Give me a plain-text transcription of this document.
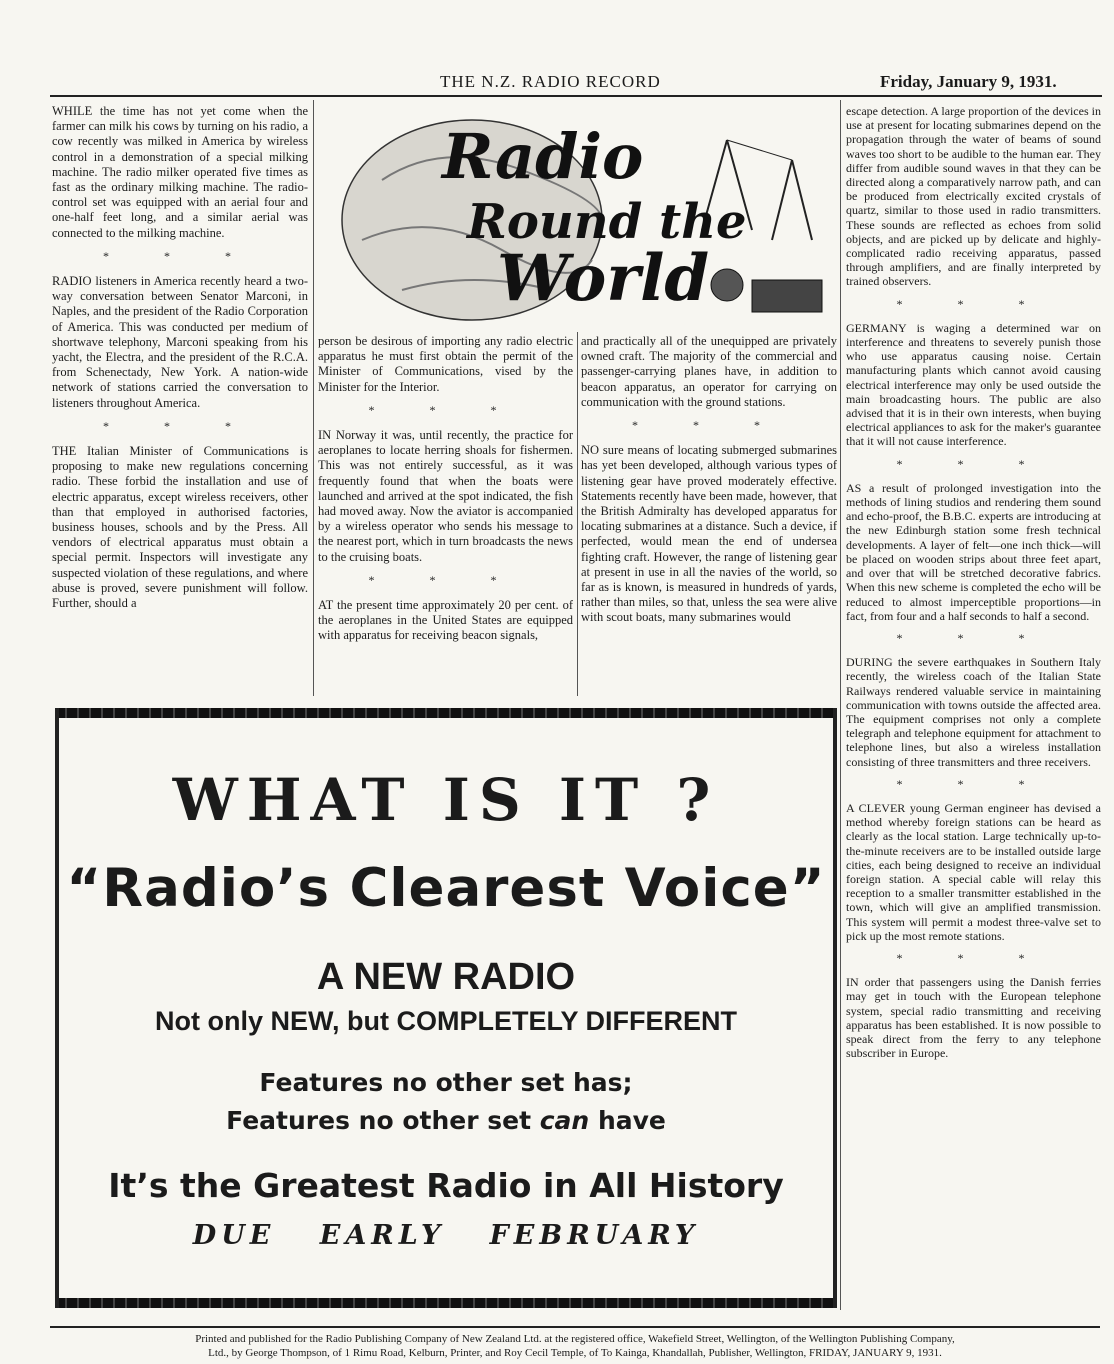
THE N.Z. RADIO RECORD	Friday, January 9, 1931.

WHILE the time has not yet come when the farmer can milk his cows by turning on his radio, a cow recently was milked in America by wireless control in a demonstration of a special milking machine. The radio milker operated five times as fast as the ordinary milking machine. The radio-control set was equipped with an aerial four and one-half feet long, and a similar aerial was connected to the milking machine.

* * *

RADIO listeners in America recently heard a two-way conversation between Senator Marconi, in Naples, and the president of the Radio Corporation of America. This was conducted per medium of shortwave telephony, Marconi speaking from his yacht, the Electra, and the president of the R.C.A. from Schenectady, New York. A nation-wide network of stations carried the conversation to listeners throughout America.

* * *

THE Italian Minister of Communications is proposing to make new regulations concerning radio. These forbid the installation and use of electric apparatus, except wireless receivers, other than that employed in authorised factories, business houses, schools and by the Press. All vendors of electrical apparatus must obtain a special permit. Inspectors will investigate any suspected violation of these regulations, and where abuse is proved, severe punishment will follow. Further, should a

Radio
Round the
World

person be desirous of importing any radio electric apparatus he must first obtain the permit of the Minister of Communications, vised by the Minister for the Interior.

* * *

IN Norway it was, until recently, the practice for aeroplanes to locate herring shoals for fishermen. This was not entirely successful, as it was frequently found that when the boats were launched and arrived at the spot indicated, the fish had moved away. Now the aviator is accompanied by a wireless operator who sends his message to the nearest port, which in turn broadcasts the news to the cruising boats.

* * *

AT the present time approximately 20 per cent. of the aeroplanes in the United States are equipped with apparatus for receiving beacon signals,

and practically all of the unequipped are privately owned craft. The majority of the commercial and passenger-carrying planes have, in addition to beacon apparatus, an operator for carrying on communication with the ground stations.

* * *

NO sure means of locating submerged submarines has yet been developed, although various types of listening gear have proved moderately effective. Statements recently have been made, however, that the British Admiralty has developed apparatus for locating submarines at a distance. Such a device, if perfected, would mean the end of undersea fighting craft. However, the range of listening gear at present in use in all the navies of the world, so far as is known, is measured in hundreds of yards, rather than miles, so that, unless the sea were alive with scout boats, many submarines would

escape detection. A large proportion of the devices in use at present for locating submarines depend on the propagation through the water of beams of sound waves too short to be audible to the human ear. They differ from audible sound waves in that they can be directed along a comparatively narrow path, and can be produced from electrically excited crystals of quartz, similar to those used in radio transmitters. These sounds are reflected as echoes from solid objects, and are picked up by delicate and highly-complicated radio receiving apparatus, passed through amplifiers, and are finally interpreted by trained observers.

* * *

GERMANY is waging a determined war on interference and threatens to severely punish those who use apparatus causing noise. Certain manufacturing plants which cannot avoid causing electrical interference may only be used outside the main broadcasting hours. The public are also advised that it is in their own interests, when buying electrical appliances to ask for the maker's guarantee that it will not cause interference.

* * *

AS a result of prolonged investigation into the methods of lining studios and rendering them sound and echo-proof, the B.B.C. experts are introducing at the new Edinburgh station some fresh technical developments. A layer of felt—one inch thick—will be placed on wooden strips about three feet apart, and over that will be stretched decorative fabrics. When this new scheme is completed the echo will be reduced to almost imperceptible proportions—in fact, from four and a half seconds to half a second.

* * *

DURING the severe earthquakes in Southern Italy recently, the wireless coach of the Italian State Railways rendered valuable service in maintaining communication with towns outside the affected area. The equipment comprises not only a complete telegraph and telephone equipment for attachment to telephone lines, but also a wireless installation consisting of three transmitters and three receivers.

* * *

A CLEVER young German engineer has devised a method whereby foreign stations can be heard as clearly as the local station. Large technically up-to-the-minute receivers are to be installed outside large cities, each being designed to receive an individual foreign station. A special cable will relay this reception to a smaller transmitter established in the town, which will give an amplified transmission. This system will permit a modest three-valve set to pick up the most remote stations.

* * *

IN order that passengers using the Danish ferries may get in touch with the European telephone system, special radio transmitting and receiving apparatus has been established. It is now possible to speak direct from the ferry to any telephone subscriber in Europe.

WHAT IS IT ?
“Radio’s Clearest Voice”
A NEW RADIO
Not only NEW, but COMPLETELY DIFFERENT
Features no other set has;
Features no other set can have
It’s the Greatest Radio in All History
DUE EARLY FEBRUARY
Printed and published for the Radio Publishing Company of New Zealand Ltd. at the registered office, Wakefield Street, Wellington, of the Wellington Publishing Company,
Ltd., by George Thompson, of 1 Rimu Road, Kelburn, Printer, and Roy Cecil Temple, of To Kainga, Khandallah, Publisher, Wellington, FRIDAY, JANUARY 9, 1931.
